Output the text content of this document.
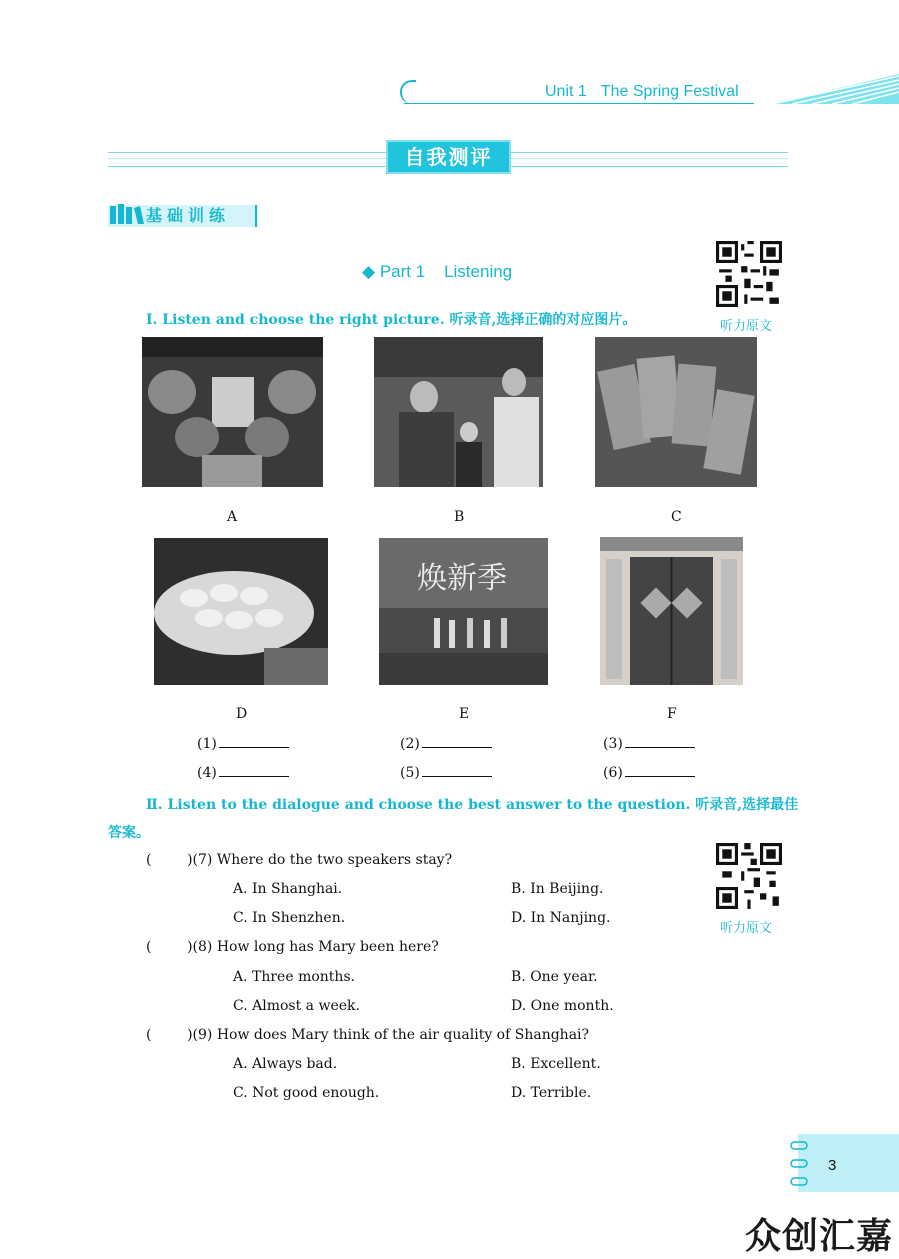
Unit 1 The Spring Festival
自我测评
基础训练
◆ Part 1 Listening
听力原文
Ⅰ. Listen and choose the right picture. 听录音,选择正确的对应图片。
A	B	C
焕新季
D	E	F
(1)	(2)	(3)
(4)	(5)	(6)
Ⅱ. Listen to the dialogue and choose the best answer to the question. 听录音,选择最佳
答案。
听力原文
(        )(7) Where do the two speakers stay?
A. In Shanghai.	B. In Beijing.
C. In Shenzhen.	D. In Nanjing.
(        )(8) How long has Mary been here?
A. Three months.	B. One year.
C. Almost a week.	D. One month.
(        )(9) How does Mary think of the air quality of Shanghai?
A. Always bad.	B. Excellent.
C. Not good enough.	D. Terrible.
3
众创汇嘉
